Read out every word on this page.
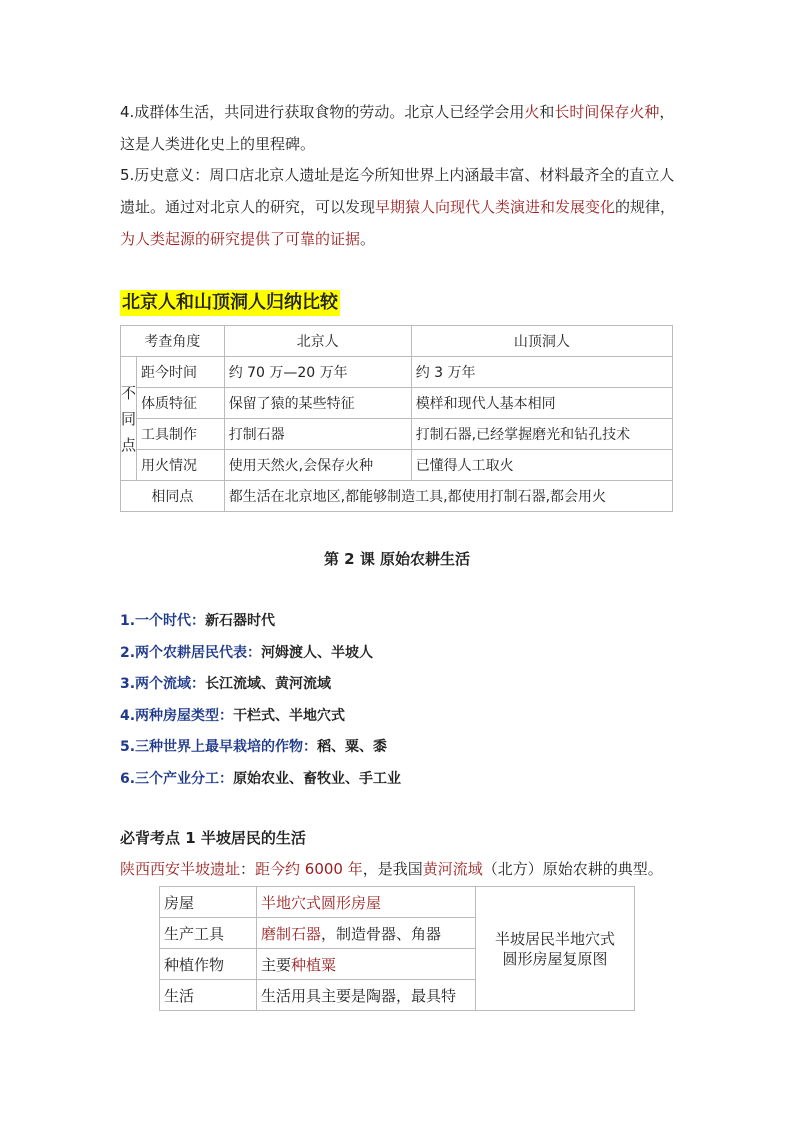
4.成群体生活，共同进行获取食物的劳动。北京人已经学会用火和长时间保存火种，这是人类进化史上的里程碑。
5.历史意义：周口店北京人遗址是迄今所知世界上内涵最丰富、材料最齐全的直立人遗址。通过对北京人的研究，可以发现早期猿人向现代人类演进和发展变化的规律，为人类起源的研究提供了可靠的证据。
北京人和山顶洞人归纳比较
考查角度		北京人	山顶洞人

不
同
点	距今时间	约 70 万—20 万年	约 3 万年
	体质特征	保留了猿的某些特征	模样和现代人基本相同
	工具制作	打制石器	打制石器,已经掌握磨光和钻孔技术
	用火情况	使用天然火,会保存火种	已懂得人工取火
相同点		都生活在北京地区,都能够制造工具,都使用打制石器,都会用火	
第 2 课 原始农耕生活
1.一个时代：新石器时代
2.两个农耕居民代表：河姆渡人、半坡人
3.两个流域：长江流域、黄河流域
4.两种房屋类型：干栏式、半地穴式
5.三种世界上最早栽培的作物：稻、粟、黍
6.三个产业分工：原始农业、畜牧业、手工业
必背考点 1 半坡居民的生活
陕西西安半坡遗址：距今约 6000 年，是我国黄河流域（北方）原始农耕的典型。
房屋	半地穴式圆形房屋	半坡居民半地穴式
圆形房屋复原图

生产工具	磨制石器，制造骨器、角器	
种植作物	主要种植粟	
生活	生活用具主要是陶器，最具特	
